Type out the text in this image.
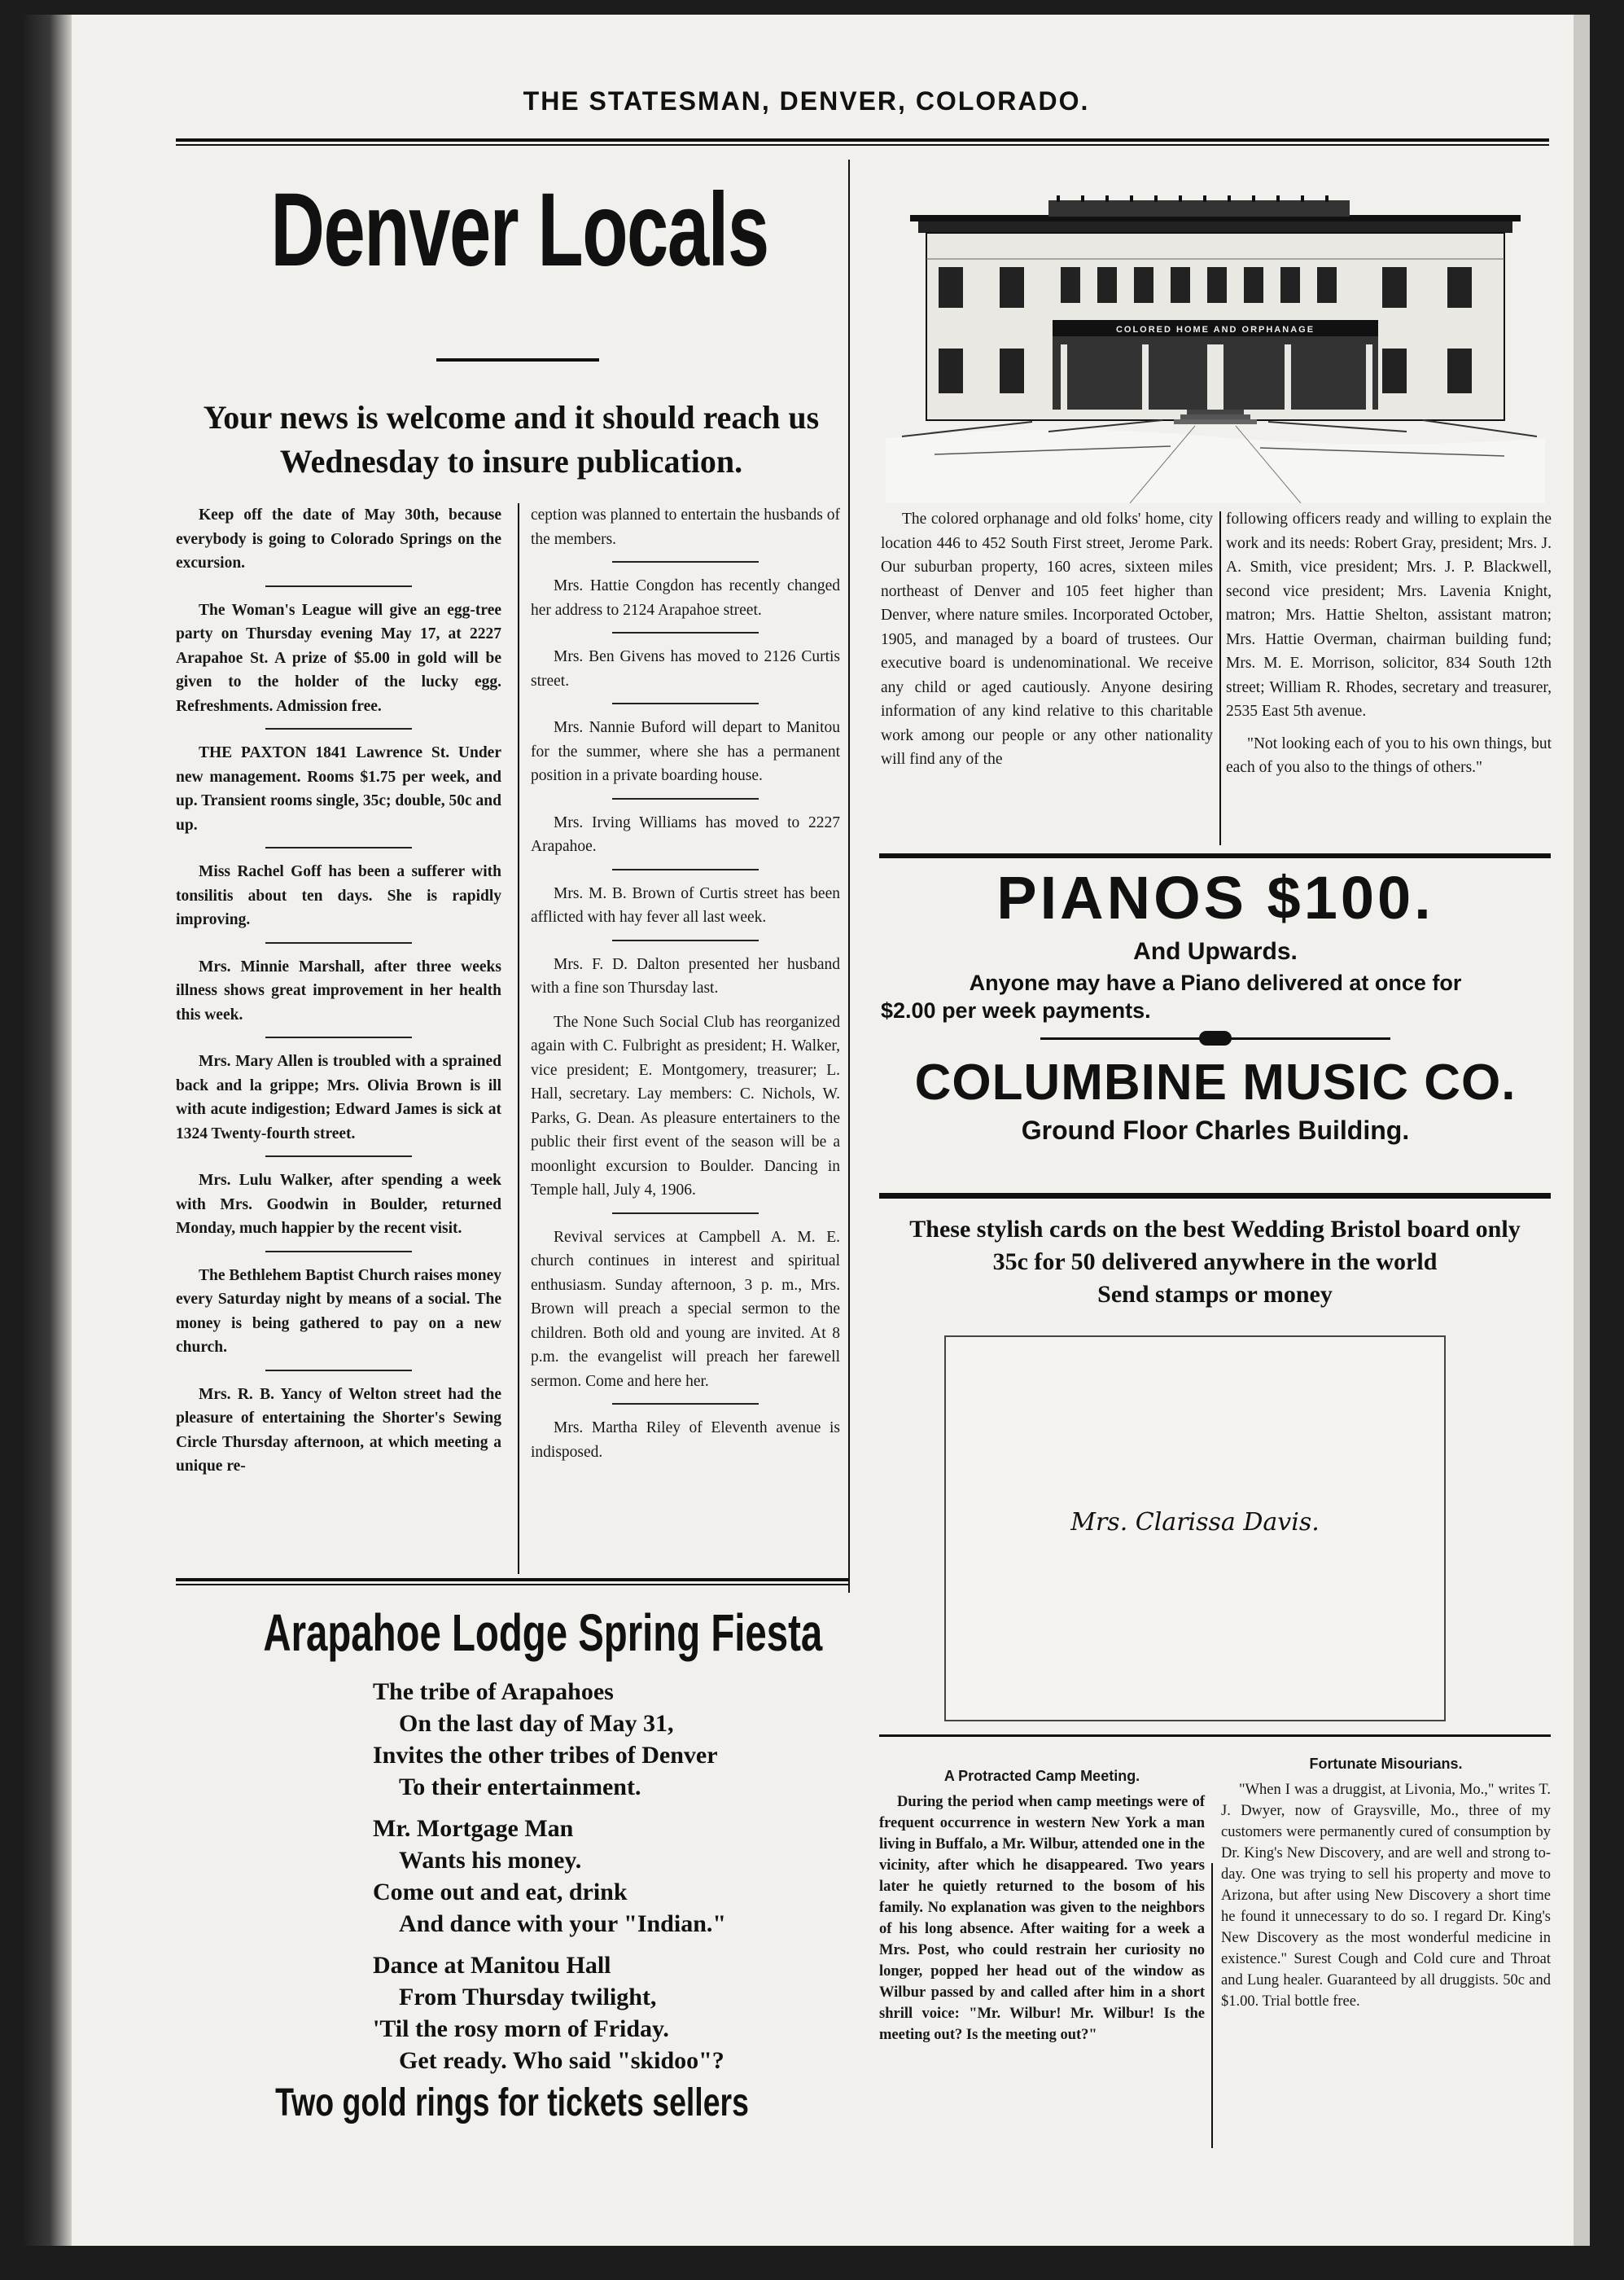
THE STATESMAN, DENVER, COLORADO.
Denver Locals
Your news is welcome and it should reach us Wednesday to insure publication.

Keep off the date of May 30th, because everybody is going to Colorado Springs on the excursion.

The Woman's League will give an egg-tree party on Thursday evening May 17, at 2227 Arapahoe St. A prize of $5.00 in gold will be given to the holder of the lucky egg. Refreshments. Admission free.

THE PAXTON 1841 Lawrence St. Under new management. Rooms $1.75 per week, and up. Transient rooms single, 35c; double, 50c and up.

Miss Rachel Goff has been a sufferer with tonsilitis about ten days. She is rapidly improving.

Mrs. Minnie Marshall, after three weeks illness shows great improvement in her health this week.

Mrs. Mary Allen is troubled with a sprained back and la grippe; Mrs. Olivia Brown is ill with acute indigestion; Edward James is sick at 1324 Twenty-fourth street.

Mrs. Lulu Walker, after spending a week with Mrs. Goodwin in Boulder, returned Monday, much happier by the recent visit.

The Bethlehem Baptist Church raises money every Saturday night by means of a social. The money is being gathered to pay on a new church.

Mrs. R. B. Yancy of Welton street had the pleasure of entertaining the Shorter's Sewing Circle Thursday afternoon, at which meeting a unique re-

ception was planned to entertain the husbands of the members.

Mrs. Hattie Congdon has recently changed her address to 2124 Arapahoe street.

Mrs. Ben Givens has moved to 2126 Curtis street.

Mrs. Nannie Buford will depart to Manitou for the summer, where she has a permanent position in a private boarding house.

Mrs. Irving Williams has moved to 2227 Arapahoe.

Mrs. M. B. Brown of Curtis street has been afflicted with hay fever all last week.

Mrs. F. D. Dalton presented her husband with a fine son Thursday last.

The None Such Social Club has reorganized again with C. Fulbright as president; H. Walker, vice president; E. Montgomery, treasurer; L. Hall, secretary. Lay members: C. Nichols, W. Parks, G. Dean. As pleasure entertainers to the public their first event of the season will be a moonlight excursion to Boulder. Dancing in Temple hall, July 4, 1906.

Revival services at Campbell A. M. E. church continues in interest and spiritual enthusiasm. Sunday afternoon, 3 p. m., Mrs. Brown will preach a special sermon to the children. Both old and young are invited. At 8 p.m. the evangelist will preach her farewell sermon. Come and here her.

Mrs. Martha Riley of Eleventh avenue is indisposed.

COLORED HOME AND ORPHANAGE

The colored orphanage and old folks' home, city location 446 to 452 South First street, Jerome Park. Our suburban property, 160 acres, sixteen miles northeast of Denver and 105 feet higher than Denver, where nature smiles. Incorporated October, 1905, and managed by a board of trustees. Our executive board is undenominational. We receive any child or aged cautiously. Anyone desiring information of any kind relative to this charitable work among our people or any other nationality will find any of the

following officers ready and willing to explain the work and its needs: Robert Gray, president; Mrs. J. A. Smith, vice president; Mrs. J. P. Blackwell, second vice president; Mrs. Lavenia Knight, matron; Mrs. Hattie Shelton, assistant matron; Mrs. Hattie Overman, chairman building fund; Mrs. M. E. Morrison, solicitor, 834 South 12th street; William R. Rhodes, secretary and treasurer, 2535 East 5th avenue.

"Not looking each of you to his own things, but each of you also to the things of others."

PIANOS $100.
And Upwards.
Anyone may have a Piano delivered at once for
$2.00 per week payments.
COLUMBINE MUSIC CO.
Ground Floor Charles Building.
These stylish cards on the best Wedding Bristol board only
35c for 50 delivered anywhere in the world
Send stamps or money
Mrs. Clarissa Davis.
Arapahoe Lodge Spring Fiesta
The tribe of Arapahoes
On the last day of May 31,
Invites the other tribes of Denver
To their entertainment.
Mr. Mortgage Man
Wants his money.
Come out and eat, drink
And dance with your "Indian."
Dance at Manitou Hall
From Thursday twilight,
'Til the rosy morn of Friday.
Get ready. Who said "skidoo"?
Two gold rings for tickets sellers
A Protracted Camp Meeting.

During the period when camp meetings were of frequent occurrence in western New York a man living in Buffalo, a Mr. Wilbur, attended one in the vicinity, after which he disappeared. Two years later he quietly returned to the bosom of his family. No explanation was given to the neighbors of his long absence. After waiting for a week a Mrs. Post, who could restrain her curiosity no longer, popped her head out of the window as Wilbur passed by and called after him in a short shrill voice: "Mr. Wilbur! Mr. Wilbur! Is the meeting out? Is the meeting out?"

Fortunate Misourians.

"When I was a druggist, at Livonia, Mo.," writes T. J. Dwyer, now of Graysville, Mo., three of my customers were permanently cured of consumption by Dr. King's New Discovery, and are well and strong to-day. One was trying to sell his property and move to Arizona, but after using New Discovery a short time he found it unnecessary to do so. I regard Dr. King's New Discovery as the most wonderful medicine in existence." Surest Cough and Cold cure and Throat and Lung healer. Guaranteed by all druggists. 50c and $1.00. Trial bottle free.
